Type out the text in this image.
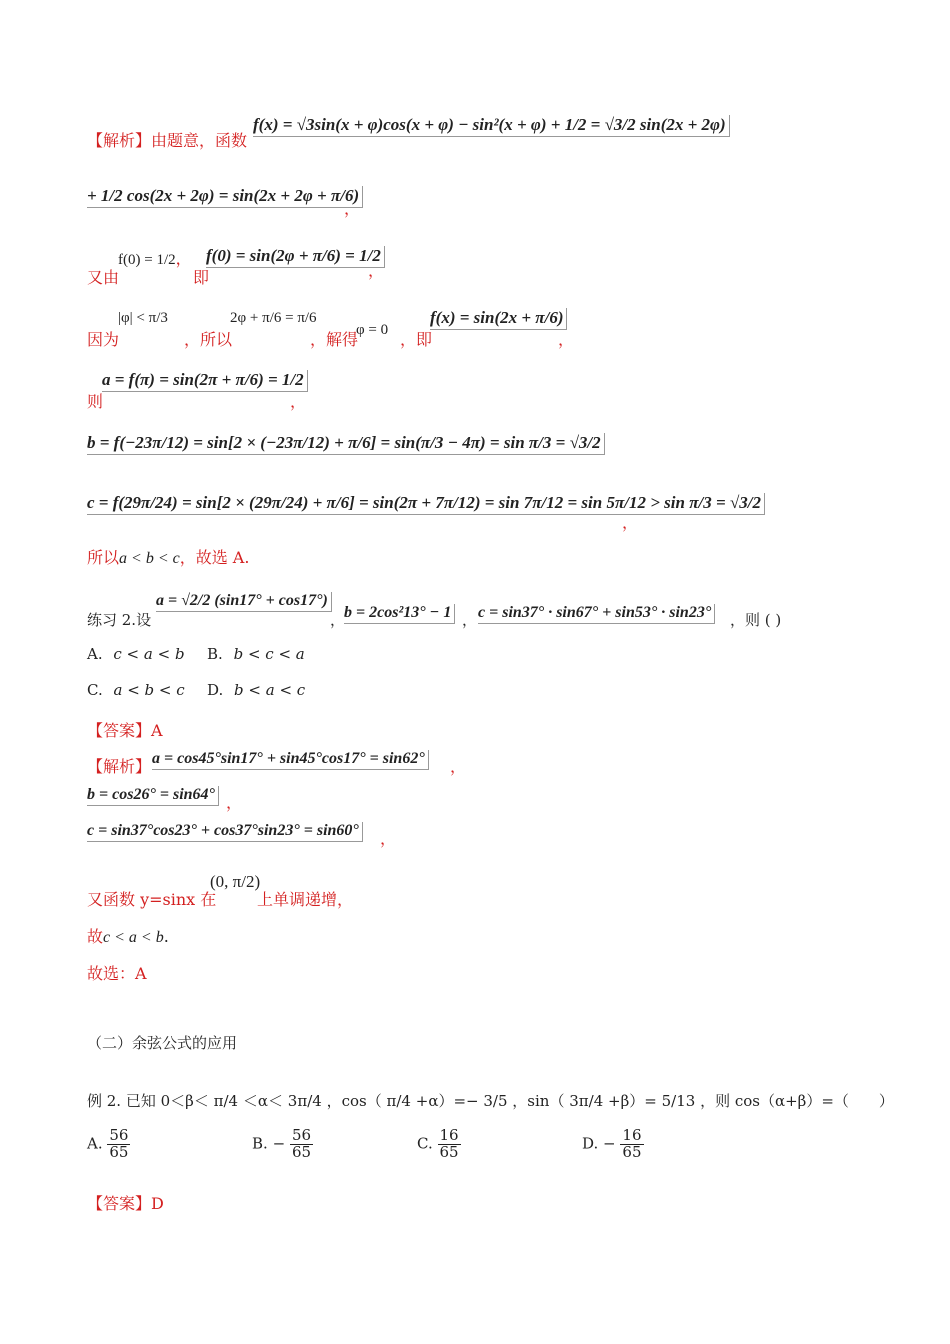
【解析】由题意，函数
f(x) = √3sin(x + φ)cos(x + φ) − sin²(x + φ) + 1/2 = √3/2 sin(2x + 2φ)
+ 1/2 cos(2x + 2φ) = sin(2x + 2φ + π/6)
，
又由
f(0) = 1/2，
即
f(0) = sin(2φ + π/6) = 1/2
，
因为
|φ| < π/3
，所以
2φ + π/6 = π/6
，解得
φ = 0 ，即
f(x) = sin(2x + π/6)
，
则
a = f(π) = sin(2π + π/6) = 1/2
，
b = f(−23π/12) = sin[2 × (−23π/12) + π/6] = sin(π/3 − 4π) = sin π/3 = √3/2
c = f(29π/24) = sin[2 × (29π/24) + π/6] = sin(2π + 7π/12) = sin 7π/12 = sin 5π/12 > sin π/3 = √3/2
，
所以a < b < c，故选 A.
练习 2.设
a = √2/2 (sin17° + cos17°)
，
b = 2cos²13° − 1 ， c = sin37° · sin67° + sin53° · sin23° ，则 ( )
A. c < a < b B. b < c < a
C. a < b < c D. b < a < c
【答案】A
【解析】 a = cos45°sin17° + sin45°cos17° = sin62° ，
b = cos26° = sin64° ，
c = sin37°cos23° + cos37°sin23° = sin60° ，
又函数 y=sinx 在
(0, π/2)
上单调递增，
故c < a < b.
故选：A
（二）余弦公式的应用
例 2. 已知 0＜β＜ π/4 ＜α＜ 3π/4 ，cos（ π/4 +α）=− 3/5 ，sin（ 3π/4 +β）= 5/13 ，则 cos（α+β）=（　　）
A. $\frac{56}{65}$	B. − $\frac{56}{65}$	C. $\frac{16}{65}$	D. − $\frac{16}{65}$
【答案】D
